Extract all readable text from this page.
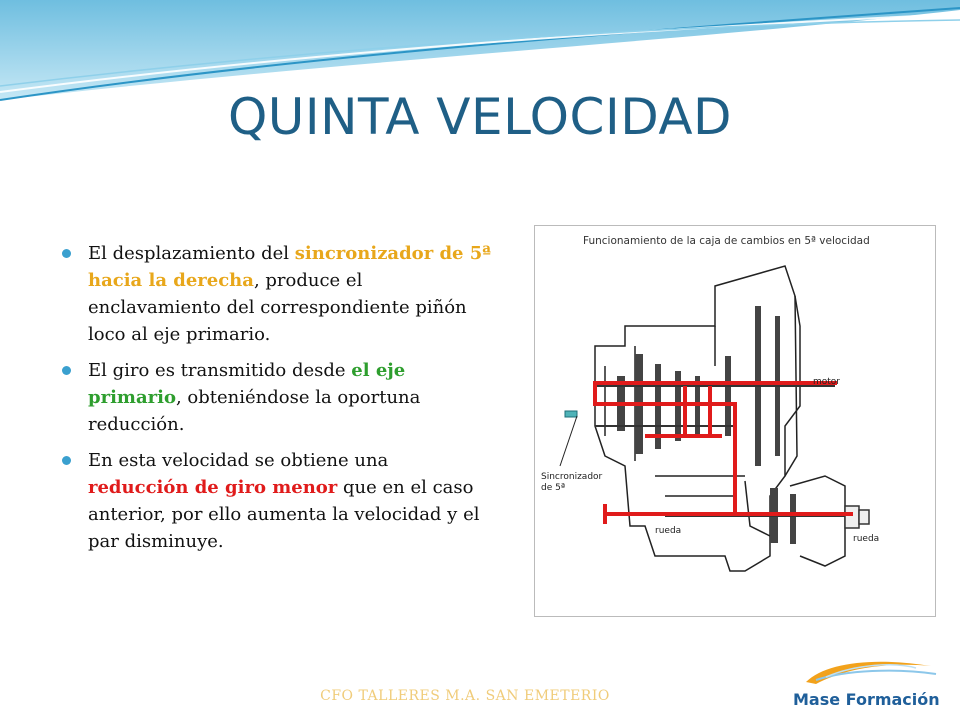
QUINTA VELOCIDAD
El desplazamiento del sincronizador de 5ª hacia la derecha, produce el enclavamiento del correspondiente piñón loco al eje primario.
El giro es transmitido desde el eje primario, obteniéndose la oportuna reducción.
En esta velocidad se obtiene una reducción de giro menor que en el caso anterior, por ello aumenta la velocidad y el par disminuye.
Funcionamiento de la caja de cambios en 5ª velocidad
motor
Sincronizador de 5ª
rueda
rueda
CFO TALLERES M.A. SAN EMETERIO	Mase Formación
